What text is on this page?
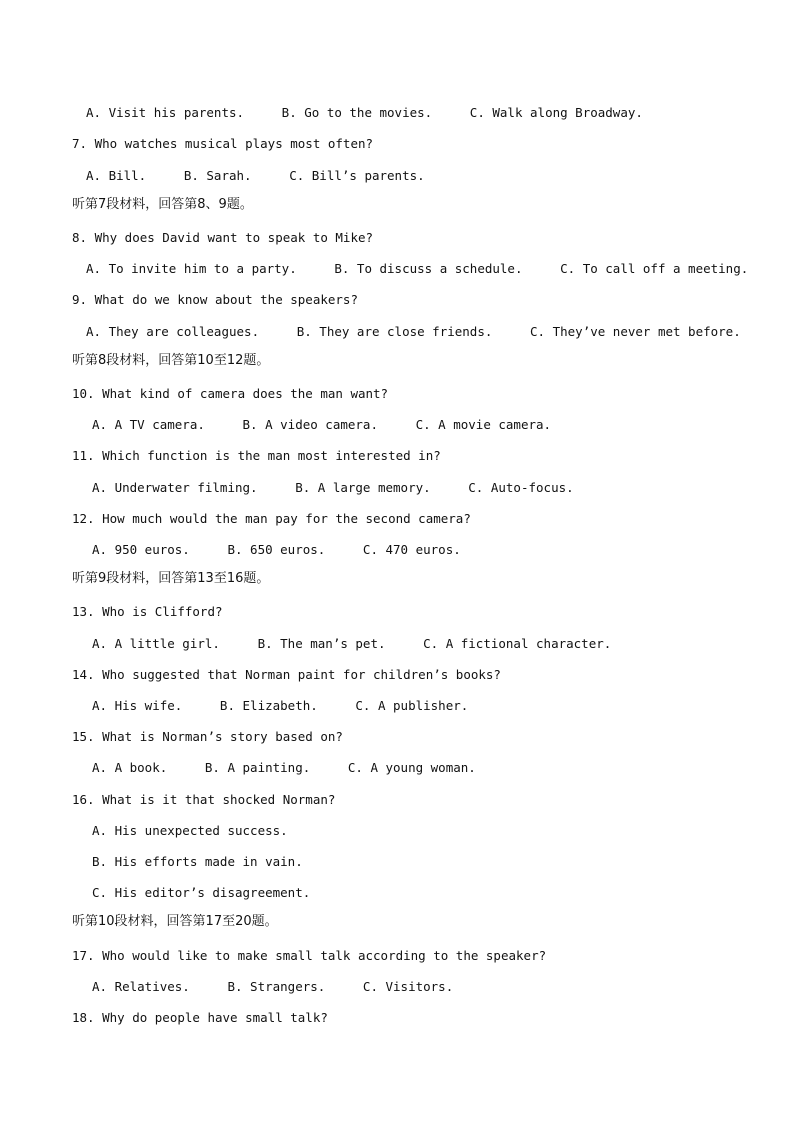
A. Visit his parents.     B. Go to the movies.     C. Walk along Broadway.
7. Who watches musical plays most often?
A. Bill.     B. Sarah.     C. Bill’s parents.
听第7段材料，回答第8、9题。
8. Why does David want to speak to Mike?
A. To invite him to a party.     B. To discuss a schedule.     C. To call off a meeting.
9. What do we know about the speakers?
A. They are colleagues.     B. They are close friends.     C. They’ve never met before.
听第8段材料，回答第10至12题。
10. What kind of camera does the man want?
A. A TV camera.     B. A video camera.     C. A movie camera.
11. Which function is the man most interested in?
A. Underwater filming.     B. A large memory.     C. Auto-focus.
12. How much would the man pay for the second camera?
A. 950 euros.     B. 650 euros.     C. 470 euros.
听第9段材料，回答第13至16题。
13. Who is Clifford?
A. A little girl.     B. The man’s pet.     C. A fictional character.
14. Who suggested that Norman paint for children’s books?
A. His wife.     B. Elizabeth.     C. A publisher.
15. What is Norman’s story based on?
A. A book.     B. A painting.     C. A young woman.
16. What is it that shocked Norman?
A. His unexpected success.
B. His efforts made in vain.
C. His editor’s disagreement.
听第10段材料，回答第17至20题。
17. Who would like to make small talk according to the speaker?
A. Relatives.     B. Strangers.     C. Visitors.
18. Why do people have small talk?
